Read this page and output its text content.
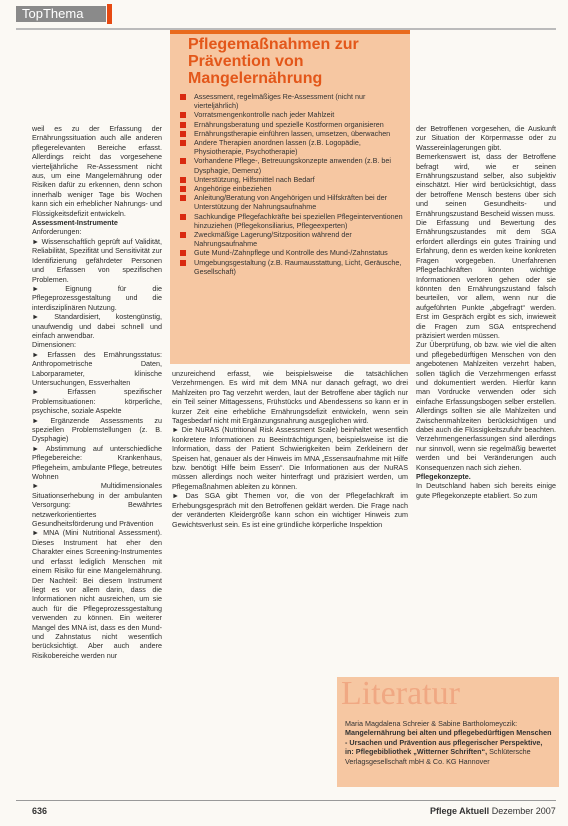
TopThema
Pflegemaßnahmen zur Prävention von Mangelernährung
Assessment, regelmäßiges Re-Assessment (nicht nur vierteljährlich)
Vorratsmengenkontrolle nach jeder Mahlzeit
Ernährungsberatung und spezielle Kostformen organisieren
Ernährungstherapie einführen lassen, umsetzen, überwachen
Andere Therapien anordnen lassen (z.B. Logopädie, Physiotherapie, Psychotherapie)
Vorhandene Pflege-, Betreuungskonzepte anwenden (z.B. bei Dysphagie, Demenz)
Unterstützung, Hilfsmittel nach Bedarf
Angehörige einbeziehen
Anleitung/Beratung von Angehörigen und Hilfskräften bei der Unterstützung der Nahrungsaufnahme
Sachkundige Pflegefachkräfte bei speziellen Pflegeinterventionen hinzuziehen (Pflegekonsiliarius, Pflegeexperten)
Zweckmäßige Lagerung/Sitzposition während der Nahrungsaufnahme
Gute Mund-/Zahnpflege und Kontrolle des Mund-/Zahnstatus
Umgebungsgestaltung (z.B. Raumausstattung, Licht, Geräusche, Gesellschaft)

weil es zu der Erfassung der Ernährungssituation auch alle anderen pflegerelevanten Bereiche erfasst. Allerdings reicht das vorgesehene vierteljährliche Re-Assessment nicht aus, um eine Mangelernährung oder Risiken dafür zu erkennen, denn schon innerhalb weniger Tage bis Wochen kann sich ein erheblicher Nahrungs- und Flüssigkeitsdefizit entwickeln.

Assessment-Instrumente

Anforderungen:

► Wissenschaftlich geprüft auf Validität, Reliabilität, Spezifität und Sensitivität zur Identifizierung gefährdeter Personen und Erfassen von spezifischen Problemen.

► Eignung für die Pflegeprozessgestaltung und die interdisziplinären Nutzung.

► Standardisiert, kostengünstig, unaufwendig und dabei schnell und einfach anwendbar.

Dimensionen:

► Erfassen des Ernährungsstatus: Anthropometrische Daten, Laborparameter, klinische Untersuchungen, Essverhalten

► Erfassen spezifischer Problemsituationen: körperliche, psychische, soziale Aspekte

► Ergänzende Assessments zu speziellen Problemstellungen (z. B. Dysphagie)

► Abstimmung auf unterschiedliche Pflegebereiche: Krankenhaus, Pflegeheim, ambulante Pflege, betreutes Wohnen

► Multidimensionales Situationserhebung in der ambulanten Versorgung: Bewährtes netzwerkorientiertes Gesundheitsförderung und Prävention

► MNA (Mini Nutritional Assessment). Dieses Instrument hat eher den Charakter eines Screening-Instrumentes und erfasst lediglich Menschen mit einem Risiko für eine Mangelernährung. Der Nachteil: Bei diesem Instrument liegt es vor allem darin, dass die Informationen nicht ausreichen, um sie auch für die Pflegeprozessgestaltung verwenden zu können. Ein weiterer Mangel des MNA ist, dass es den Mund- und Zahnstatus nicht wesentlich berücksichtigt. Aber auch andere Risikobereiche werden nur

unzureichend erfasst, wie beispielsweise die tatsächlichen Verzehrmengen. Es wird mit dem MNA nur danach gefragt, wo drei Mahlzeiten pro Tag verzehrt werden, laut der Betroffene aber täglich nur ein Teil seiner Mittagessens, Frühstücks und Abendessens so kann er in kurzer Zeit eine erhebliche Ernährungsdefizit entwickeln, wenn sein Tagesbedarf nicht mit Ergänzungsnahrung ausgeglichen wird.

► Die NuRAS (Nutritional Risk Assessment Scale) beinhaltet wesentlich konkretere Informationen zu Beeinträchtigungen, beispielsweise ist die Information, dass der Patient Schwierigkeiten beim Zerkleinern der Speisen hat, genauer als der Hinweis im MNA „Essensaufnahme mit Hilfe bzw. benötigt Hilfe beim Essen“. Die Informationen aus der NuRAS müssen allerdings noch weiter hinterfragt und präzisiert werden, um Pflegemaßnahmen ableiten zu können.

► Das SGA gibt Themen vor, die von der Pflegefachkraft im Erhebungsgespräch mit den Betroffenen geklärt werden. Die Frage nach der veränderten Kleidergröße kann schon ein wichtiger Hinweis zum Gewichtsverlust sein. Es ist eine gründliche körperliche Inspektion

der Betroffenen vorgesehen, die Auskunft zur Situation der Körpermasse oder zu Wassereinlagerungen gibt.

Bemerkenswert ist, dass der Betroffene befragt wird, wie er seinen Ernährungszustand selber, also subjektiv einschätzt. Hier wird berücksichtigt, dass der betroffene Mensch bestens über sich und seinen Gesundheits- und Ernährungszustand Bescheid wissen muss.

Die Erfassung und Bewertung des Ernährungszustandes mit dem SGA erfordert allerdings ein gutes Training und Erfahrung, denn es werden keine konkreten Fragen vorgegeben. Unerfahrenen Pflegefachkräften könnten wichtige Informationen verloren gehen oder sie könnten den Ernährungszustand falsch beurteilen, vor allem, wenn nur die aufgeführten Punkte „abgefragt“ werden. Erst im Gespräch ergibt es sich, inwieweit die Fragen zum SGA entsprechend präzisiert werden müssen.

Zur Überprüfung, ob bzw. wie viel die alten und pflegebedürftigen Menschen von den angebotenen Mahlzeiten verzehrt haben, sollen täglich die Verzehrmengen erfasst und dokumentiert werden. Hierfür kann man Vordrucke verwenden oder sich einfache Erfassungsbogen selber erstellen. Allerdings sollten sie alle Mahlzeiten und Zwischenmahlzeiten berücksichtigen und dabei auch die Flüssigkeitszufuhr beachten. Verzehrmengenerfassungen sind allerdings nur sinnvoll, wenn sie regelmäßig bewertet werden und bei Veränderungen auch Konsequenzen nach sich ziehen.

Pflegekonzepte.

In Deutschland haben sich bereits einige gute Pflegekonzepte etabliert. So zum

Literatur
Maria Magdalena Schreier & Sabine Bartholomeyczik: Mangelernährung bei alten und pflegebedürftigen Menschen - Ursachen und Prävention aus pflegerischer Perspektive, in: Pflegebibliothek „Witterner Schriften“, Schlütersche Verlagsgesellschaft mbH & Co. KG Hannover
636	Pflege Aktuell Dezember 2007
